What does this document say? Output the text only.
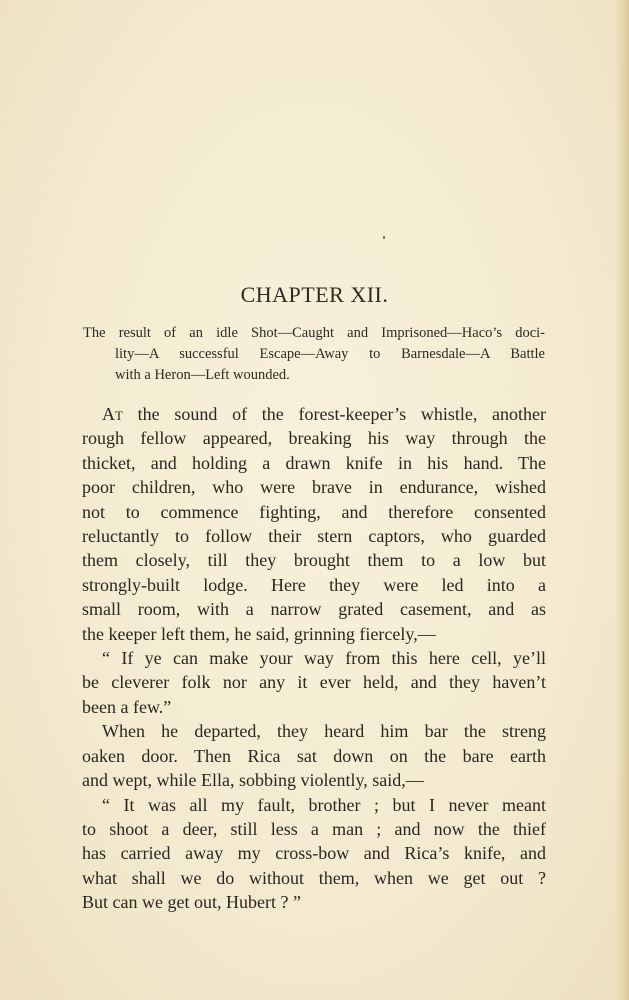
CHAPTER XII.
The result of an idle Shot—Caught and Imprisoned—Haco’s doci-
lity—A successful Escape—Away to Barnesdale—A Battle
with a Heron—Left wounded.
At the sound of the forest-keeper’s whistle, another
rough fellow appeared, breaking his way through the
thicket, and holding a drawn knife in his hand. The
poor children, who were brave in endurance, wished
not to commence fighting, and therefore consented
reluctantly to follow their stern captors, who guarded
them closely, till they brought them to a low but
strongly-built lodge. Here they were led into a
small room, with a narrow grated casement, and as
the keeper left them, he said, grinning fiercely,—
“ If ye can make your way from this here cell, ye’ll
be cleverer folk nor any it ever held, and they haven’t
been a few.”
When he departed, they heard him bar the streng
oaken door. Then Rica sat down on the bare earth
and wept, while Ella, sobbing violently, said,—
“ It was all my fault, brother ; but I never meant
to shoot a deer, still less a man ; and now the thief
has carried away my cross-bow and Rica’s knife, and
what shall we do without them, when we get out ?
But can we get out, Hubert ? ”
